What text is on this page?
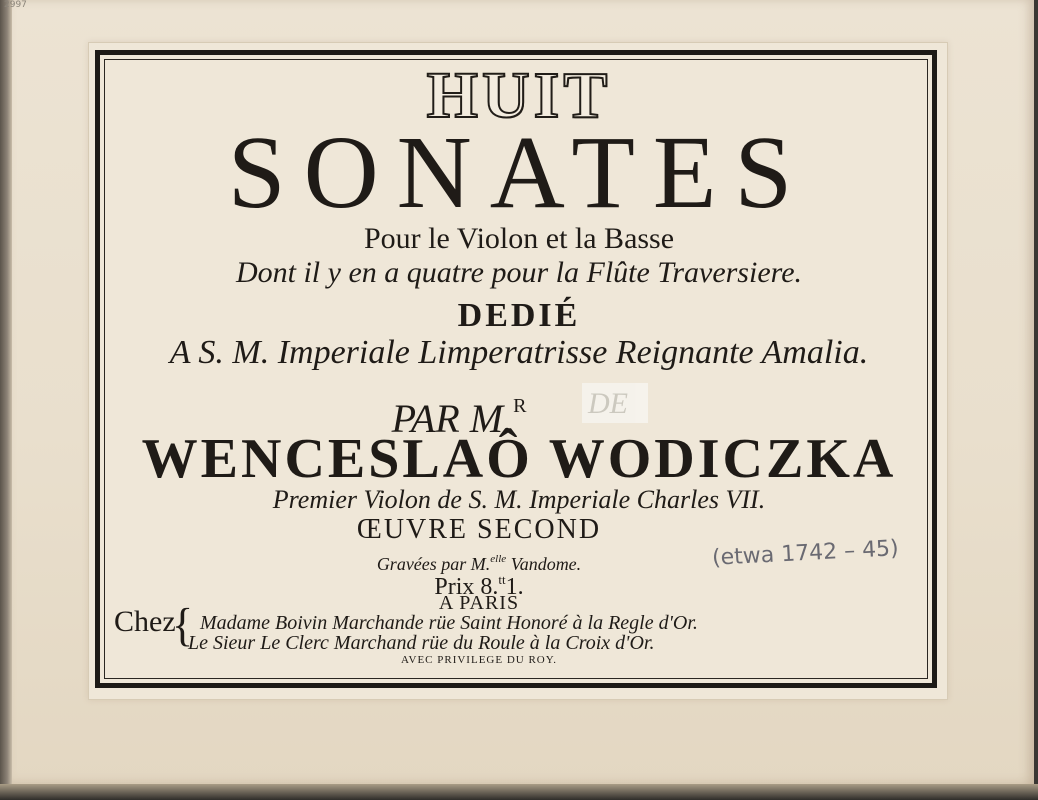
2997
HUIT
SONATES
Pour le Violon et la Basse
Dont il y en a quatre pour la Flûte Traversiere.
DEDIÉ
A S. M. Imperiale Limperatrisse Reignante Amalia.
PAR M.$^R$	DE
WENCESLAÔ WODICZKA
Premier Violon de S. M. Imperiale Charles VII.
ŒUVRE SECOND
Gravées par M.$^{elle}$ Vandome.
Prix 8.$^{tt}$1.
(etwa 1742 – 45)
A PARIS
Chez
{ Madame Boivin Marchande rüe Saint Honoré à la Regle d'Or.
Le Sieur Le Clerc Marchand rüe du Roule à la Croix d'Or.
AVEC PRIVILEGE DU ROY.
